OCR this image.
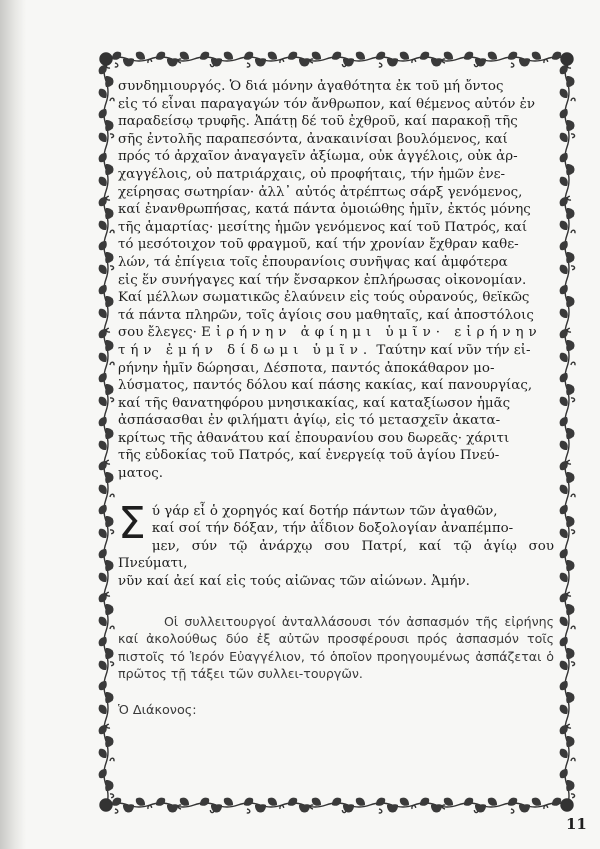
συνδημιουργός. Ὁ διά μόνην ἀγαθότητα ἐκ τοῦ μή ὄντος
εἰς τό εἶναι παραγαγών τόν ἄνθρωπον, καί θέμενος αὐτόν ἐν
παραδείσῳ τρυφῆς. Ἀπάτῃ δέ τοῦ ἐχθροῦ, καί παρακοῇ τῆς
σῆς ἐντολῆς παραπεσόντα, ἀνακαινίσαι βουλόμενος, καί
πρός τό ἀρχαῖον ἀναγαγεῖν ἀξίωμα, οὐκ ἀγγέλοις, οὐκ ἀρ-
χαγγέλοις, οὐ πατριάρχαις, οὐ προφήταις, τήν ἡμῶν ἐνε-
χείρησας σωτηρίαν· ἀλλ᾿ αὐτός ἀτρέπτως σάρξ γενόμενος,
καί ἐνανθρωπήσας, κατά πάντα ὁμοιώθης ἡμῖν, ἐκτός μόνης
τῆς ἁμαρτίας· μεσίτης ἡμῶν γενόμενος καί τοῦ Πατρός, καί
τό μεσότοιχον τοῦ φραγμοῦ, καί τήν χρονίαν ἔχθραν καθε-
λών, τά ἐπίγεια τοῖς ἐπουρανίοις συνῆψας καί ἀμφότερα
εἰς ἕν συνήγαγες καί τήν ἔνσαρκον ἐπλήρωσας οἰκονομίαν.
Καί μέλλων σωματικῶς ἐλαύνειν εἰς τούς οὐρανούς, θεϊκῶς
τά πάντα πληρῶν, τοῖς ἁγίοις σου μαθηταῖς, καί ἀποστόλοις
σου ἔλεγες· Εἰρήνην ἀφίημι ὑμῖν· εἰρήνην
τήν ἐμήν δίδωμι ὑμῖν. Ταύτην καί νῦν τήν εἰ-
ρήνην ἡμῖν δώρησαι, Δέσποτα, παντός ἀποκάθαρον μο-
λύσματος, παντός δόλου καί πάσης κακίας, καί πανουργίας,
καί τῆς θανατηφόρου μνησικακίας, καί καταξίωσον ἡμᾶς
ἀσπάσασθαι ἐν φιλήματι ἁγίῳ, εἰς τό μετασχεῖν ἀκατα-
κρίτως τῆς ἀθανάτου καί ἐπουρανίου σου δωρεᾶς· χάριτι
τῆς εὐδοκίας τοῦ Πατρός, καί ἐνεργείᾳ τοῦ ἁγίου Πνεύ-
ματος.
Σ ύ γάρ εἶ ὁ χορηγός καί δοτήρ πάντων τῶν ἀγαθῶν,
καί σοί τήν δόξαν, τήν ἀΐδιον δοξολογίαν ἀναπέμπο-
μεν, σύν τῷ ἀνάρχῳ σου Πατρί, καί τῷ ἁγίῳ σου Πνεύματι,
νῦν καί ἀεί καί εἰς τούς αἰῶνας τῶν αἰώνων. Ἀμήν.
Οἱ συλλειτουργοί ἀνταλλάσουσι τόν ἀσπασμόν τῆς εἰρήνης καί ἀκολούθως δύο ἐξ αὐτῶν προσφέρουσι πρός ἀσπασμόν τοῖς πιστοῖς τό Ἱερόν Εὐαγγέλιον, τό ὁποῖον προηγουμένως ἀσπάζεται ὁ πρῶτος τῇ τάξει τῶν συλλει-τουργῶν.
Ὁ Διάκονος:
11
